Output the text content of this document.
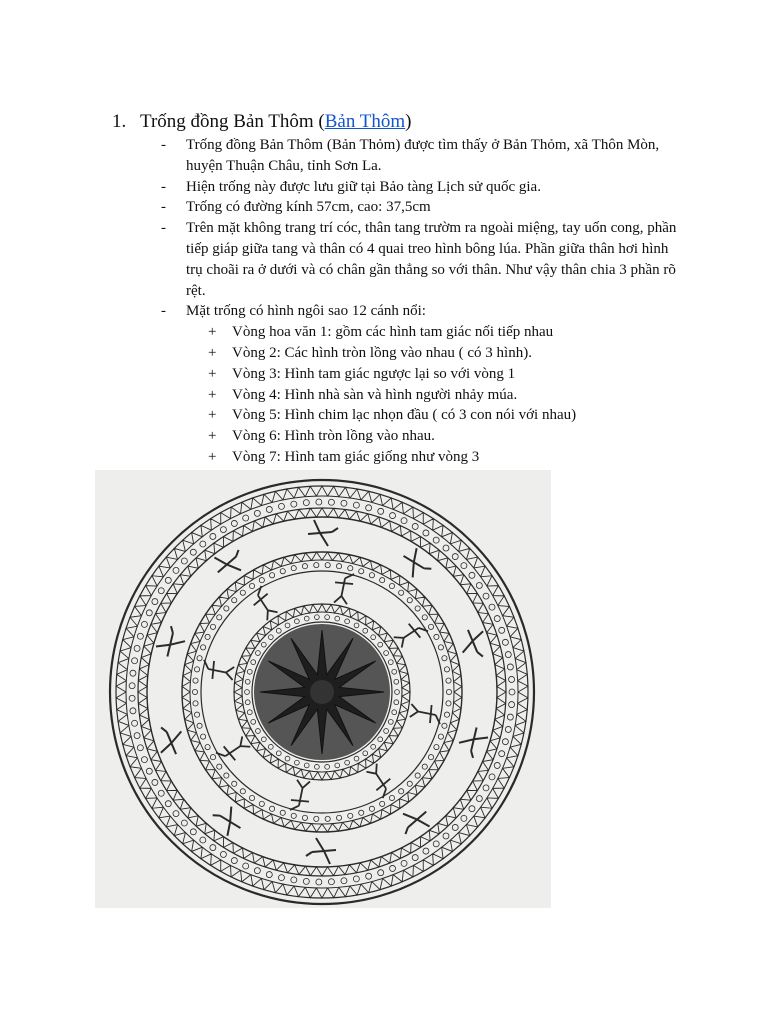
1. Trống đồng Bản Thôm (Bản Thôm)
- Trống đồng Bản Thôm (Bản Thỏm) được tìm thấy ở Bản Thỏm, xã Thôn Mòn, huyện Thuận Châu, tỉnh Sơn La.
- Hiện trống này được lưu giữ tại Bảo tàng Lịch sử quốc gia.
- Trống có đường kính 57cm, cao: 37,5cm
- Trên mặt không trang trí cóc, thân tang trườm ra ngoài miệng, tay uốn cong, phần tiếp giáp giữa tang và thân có 4 quai treo hình bông lúa. Phần giữa thân hơi hình trụ choãi ra ở dưới và có chân gần thẳng so với thân. Như vậy thân chia 3 phần rõ rệt.
- Mặt trống có hình ngôi sao 12 cánh nổi:
+ Vòng hoa văn 1: gồm các hình tam giác nối tiếp nhau
+ Vòng 2: Các hình tròn lồng vào nhau ( có 3 hình).
+ Vòng 3: Hình tam giác ngược lại so với vòng 1
+ Vòng 4: Hình nhà sàn và hình người nhảy múa.
+ Vòng 5: Hình chim lạc nhọn đầu ( có 3 con nói với nhau)
+ Vòng 6: Hình tròn lồng vào nhau.
+ Vòng 7: Hình tam giác giống như vòng 3
